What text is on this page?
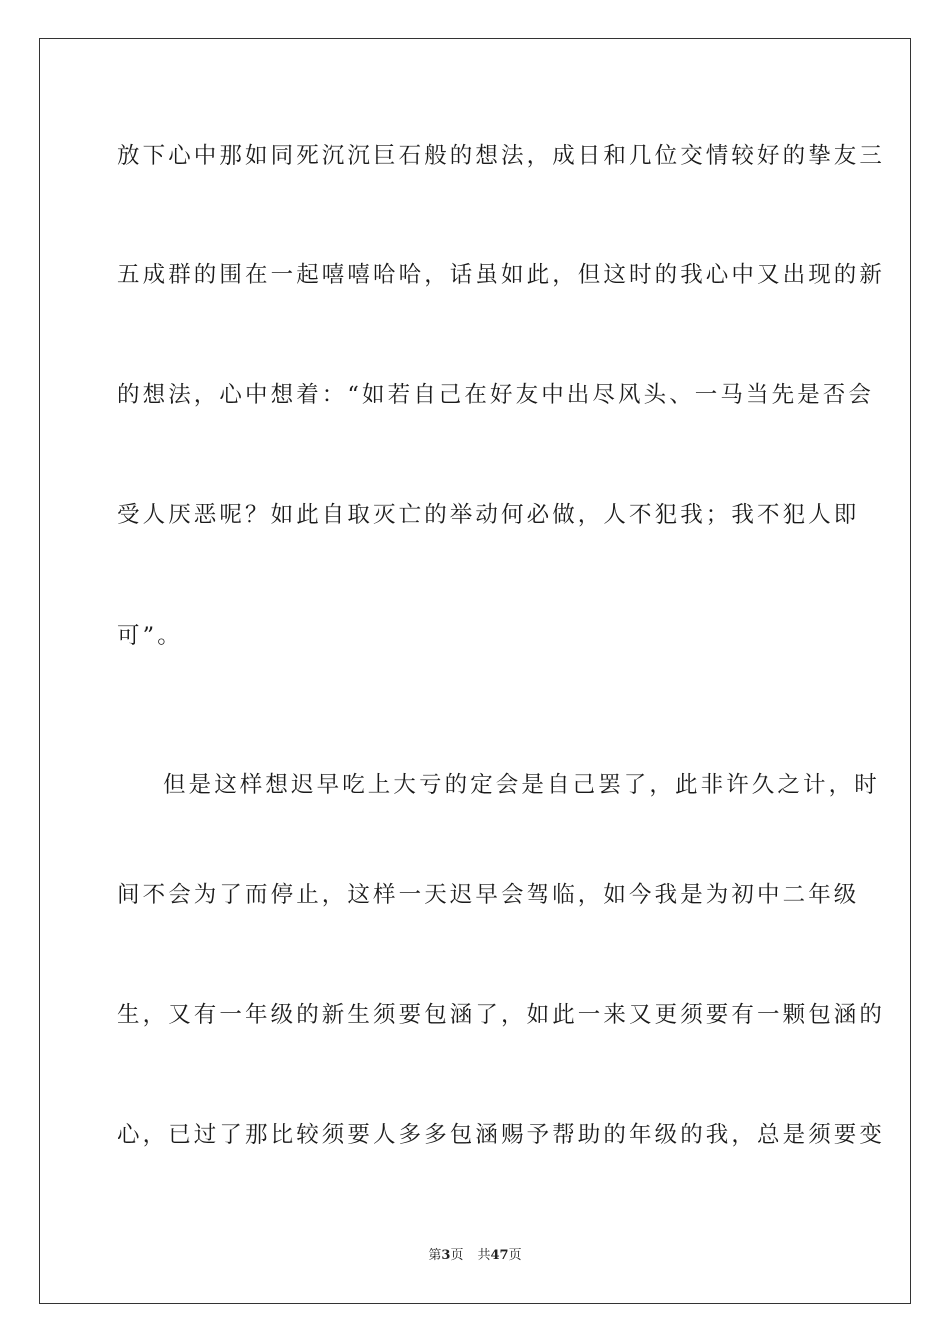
放下心中那如同死沉沉巨石般的想法，成日和几位交情较好的挚友三
五成群的围在一起嘻嘻哈哈，话虽如此，但这时的我心中又出现的新
的想法，心中想着：“如若自己在好友中出尽风头、一马当先是否会
受人厌恶呢？如此自取灭亡的举动何必做，人不犯我；我不犯人即
可”。
但是这样想迟早吃上大亏的定会是自己罢了，此非许久之计，时
间不会为了而停止，这样一天迟早会驾临，如今我是为初中二年级
生，又有一年级的新生须要包涵了，如此一来又更须要有一颗包涵的
心，已过了那比较须要人多多包涵赐予帮助的年级的我，总是须要变
第3页 共47页
